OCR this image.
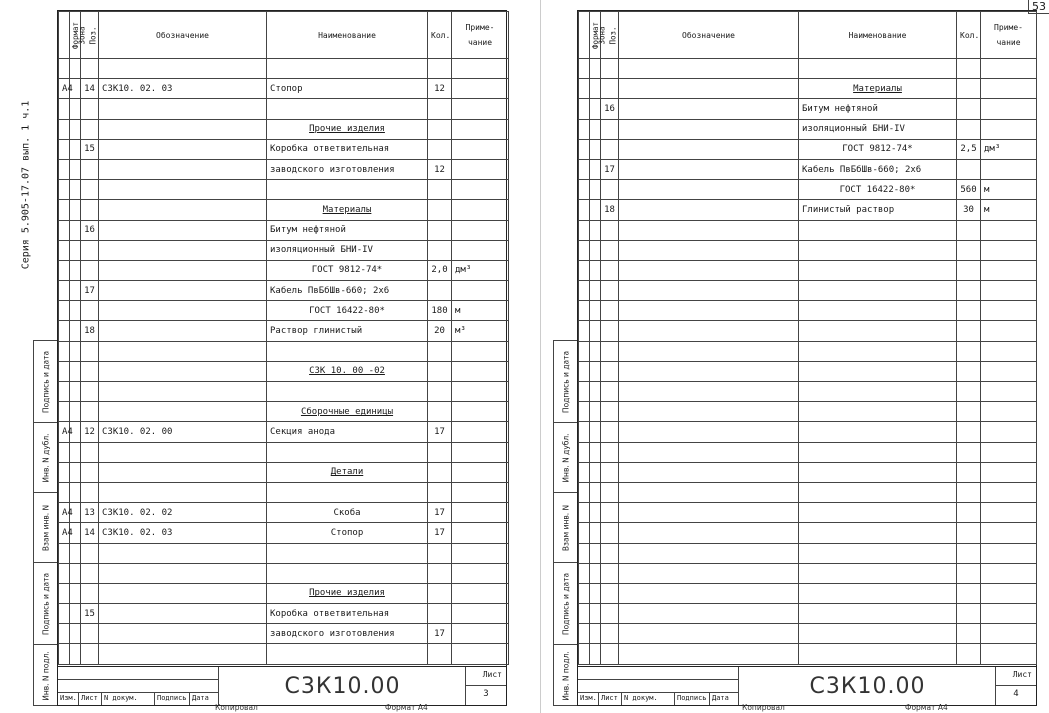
53
Серия 5.905-17.07 вып. 1 ч.1
Подпись и дата
Инв. N дубл.
Взам инв. N
Подпись и дата
Инв. N подл.
Подпись и дата
Инв. N дубл.
Взам инв. N
Подпись и дата
Инв. N подл.
Формат	Зона	Поз.	Обозначение	Наименование	Кол.	Приме-чание

А4		14	С3К10. 02. 03	Стопор	12	

				Прочие изделия		
		15		Коробка ответвительная		
				заводского изготовления	12	

				Материалы		
		16		Битум нефтяной		
				изоляционный БНИ-IV		
				ГОСТ 9812-74*	2,0	дм³
		17		Кабель ПвБбШв-660; 2х6		
				ГОСТ 16422-80*	180	м
		18		Раствор глинистый	20	м³

				С3К 10. 00 -02		

				Сборочные единицы		
А4		12	С3К10. 02. 00	Секция анода	17	

				Детали		

А4		13	С3К10. 02. 02	Скоба	17	
А4		14	С3К10. 02. 03	Стопор	17	

				Прочие изделия		
		15		Коробка ответвительная		
				заводского изготовления	17	

Изм. Лист N докум.	Подпись Дата	С3К10.00	Лист
3
Копировал	Формат А4
Формат	Зона	Поз.	Обозначение	Наименование	Кол.	Приме-чание

				Материалы		
		16		Битум нефтяной		
				изоляционный БНИ-IV		
				ГОСТ 9812-74*	2,5	дм³
		17		Кабель ПвБбШв-660; 2х6		
				ГОСТ 16422-80*	560	м
		18		Глинистый раствор	30	м

Изм. Лист N докум.	Подпись Дата	С3К10.00	Лист
4
Копировал	Формат А4
